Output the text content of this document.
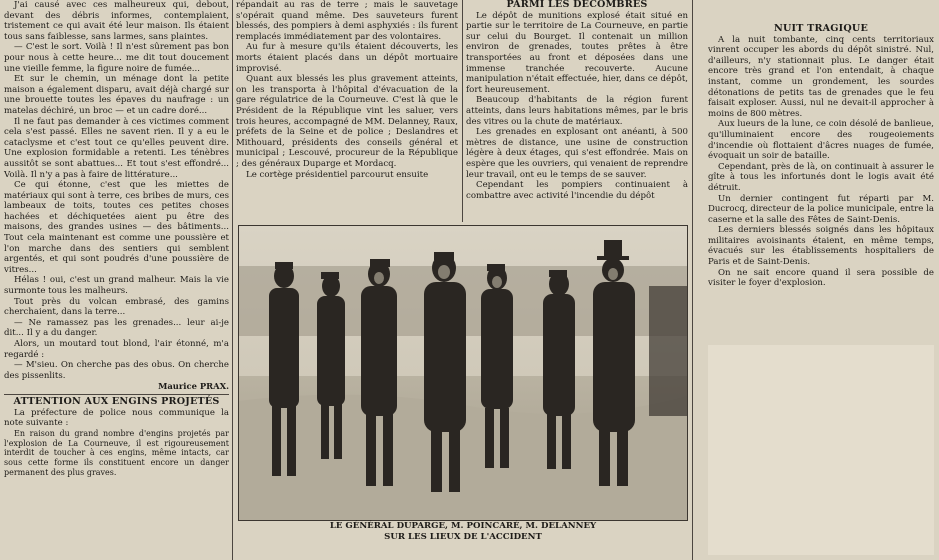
J'ai causé avec ces malheureux qui, debout, devant des débris informes, contemplaient, tristement ce qui avait été leur maison. Ils étaient tous sans faiblesse, sans larmes, sans plaintes.

— C'est le sort. Voilà ! Il n'est sûrement pas bon pour nous à cette heure... me dit tout doucement une vieille femme, la figure noire de fumée...

Et sur le chemin, un ménage dont la petite maison a également disparu, avait déjà chargé sur une brouette toutes les épaves du naufrage : un matelas déchiré, un broc — et un cadre doré...

Il ne faut pas demander à ces victimes comment cela s'est passé. Elles ne savent rien. Il y a eu le cataclysme et c'est tout ce qu'elles peuvent dire. Une explosion formidable a retenti. Les ténèbres aussitôt se sont abattues... Et tout s'est effondré... Voilà. Il n'y a pas à faire de littérature...

Ce qui étonne, c'est que les miettes de matériaux qui sont à terre, ces bribes de murs, ces lambeaux de toits, toutes ces petites choses hachées et déchiquetées aient pu être des maisons, des grandes usines — des bâtiments... Tout cela maintenant est comme une poussière et l'on marche dans des sentiers qui semblent argentés, et qui sont poudrés d'une poussière de vitres...

Hélas ! oui, c'est un grand malheur. Mais la vie surmonte tous les malheurs.

Tout près du volcan embrasé, des gamins cherchaient, dans la terre...

— Ne ramassez pas les grenades... leur ai-je dit... Il y a du danger.

Alors, un moutard tout blond, l'air étonné, m'a regardé :

— M'sieu. On cherche pas des obus. On cherche des pissenlits.

Maurice PRAX.

ATTENTION AUX ENGINS PROJETÉS

La préfecture de police nous communique la note suivante :

En raison du grand nombre d'engins projetés par l'explosion de La Courneuve, il est rigoureusement interdit de toucher à ces engins, même intacts, car sous cette forme ils constituent encore un danger permanent des plus graves.

répandait au ras de terre ; mais le sauvetage s'opérait quand même. Des sauveteurs furent blessés, des pompiers à demi asphyxiés : ils furent remplacés immédiatement par des volontaires.

Au fur à mesure qu'ils étaient découverts, les morts étaient placés dans un dépôt mortuaire improvisé.

Quant aux blessés les plus gravement atteints, on les transporta à l'hôpital d'évacuation de la gare régulatrice de la Courneuve. C'est là que le Président de la République vint les saluer, vers trois heures, accompagné de MM. Delanney, Raux, préfets de la Seine et de police ; Deslandres et Mithouard, présidents des conseils général et municipal ; Lescouvé, procureur de la République ; des généraux Duparge et Mordacq.

Le cortège présidentiel parcourut ensuite

PARMI LES DÉCOMBRES

Le dépôt de munitions explosé était situé en partie sur le territoire de La Courneuve, en partie sur celui du Bourget. Il contenait un million environ de grenades, toutes prêtes à être transportées au front et déposées dans une immense tranchée recouverte. Aucune manipulation n'était effectuée, hier, dans ce dépôt, fort heureusement.

Beaucoup d'habitants de la région furent atteints, dans leurs habitations mêmes, par le bris des vitres ou la chute de matériaux.

Les grenades en explosant ont anéanti, à 500 mètres de distance, une usine de construction légère à deux étages, qui s'est effondrée. Mais on espère que les ouvriers, qui venaient de reprendre leur travail, ont eu le temps de se sauver.

Cependant les pompiers continuaient à combattre avec activité l'incendie du dépôt

NUIT TRAGIQUE

A la nuit tombante, cinq cents territoriaux vinrent occuper les abords du dépôt sinistré. Nul, d'ailleurs, n'y stationnait plus. Le danger était encore très grand et l'on entendait, à chaque instant, comme un grondement, les sourdes détonations de petits tas de grenades que le feu faisait exploser. Aussi, nul ne devait-il approcher à moins de 800 mètres.

Aux lueurs de la lune, ce coin désolé de banlieue, qu'illuminaient encore des rougeoiements d'incendie où flottaient d'âcres nuages de fumée, évoquait un soir de bataille.

Cependant, près de là, on continuait à assurer le gîte à tous les infortunés dont le logis avait été détruit.

Un dernier contingent fut réparti par M. Ducrocq, directeur de la police municipale, entre la caserne et la salle des Fêtes de Saint-Denis.

Les derniers blessés soignés dans les hôpitaux militaires avoisinants étaient, en même temps, évacués sur les établissements hospitaliers de Paris et de Saint-Denis.

On ne sait encore quand il sera possible de visiter le foyer d'explosion.

LE GÉNÉRAL DUPARGE, M. POINCARÉ, M. DELANNEY
SUR LES LIEUX DE L'ACCIDENT
